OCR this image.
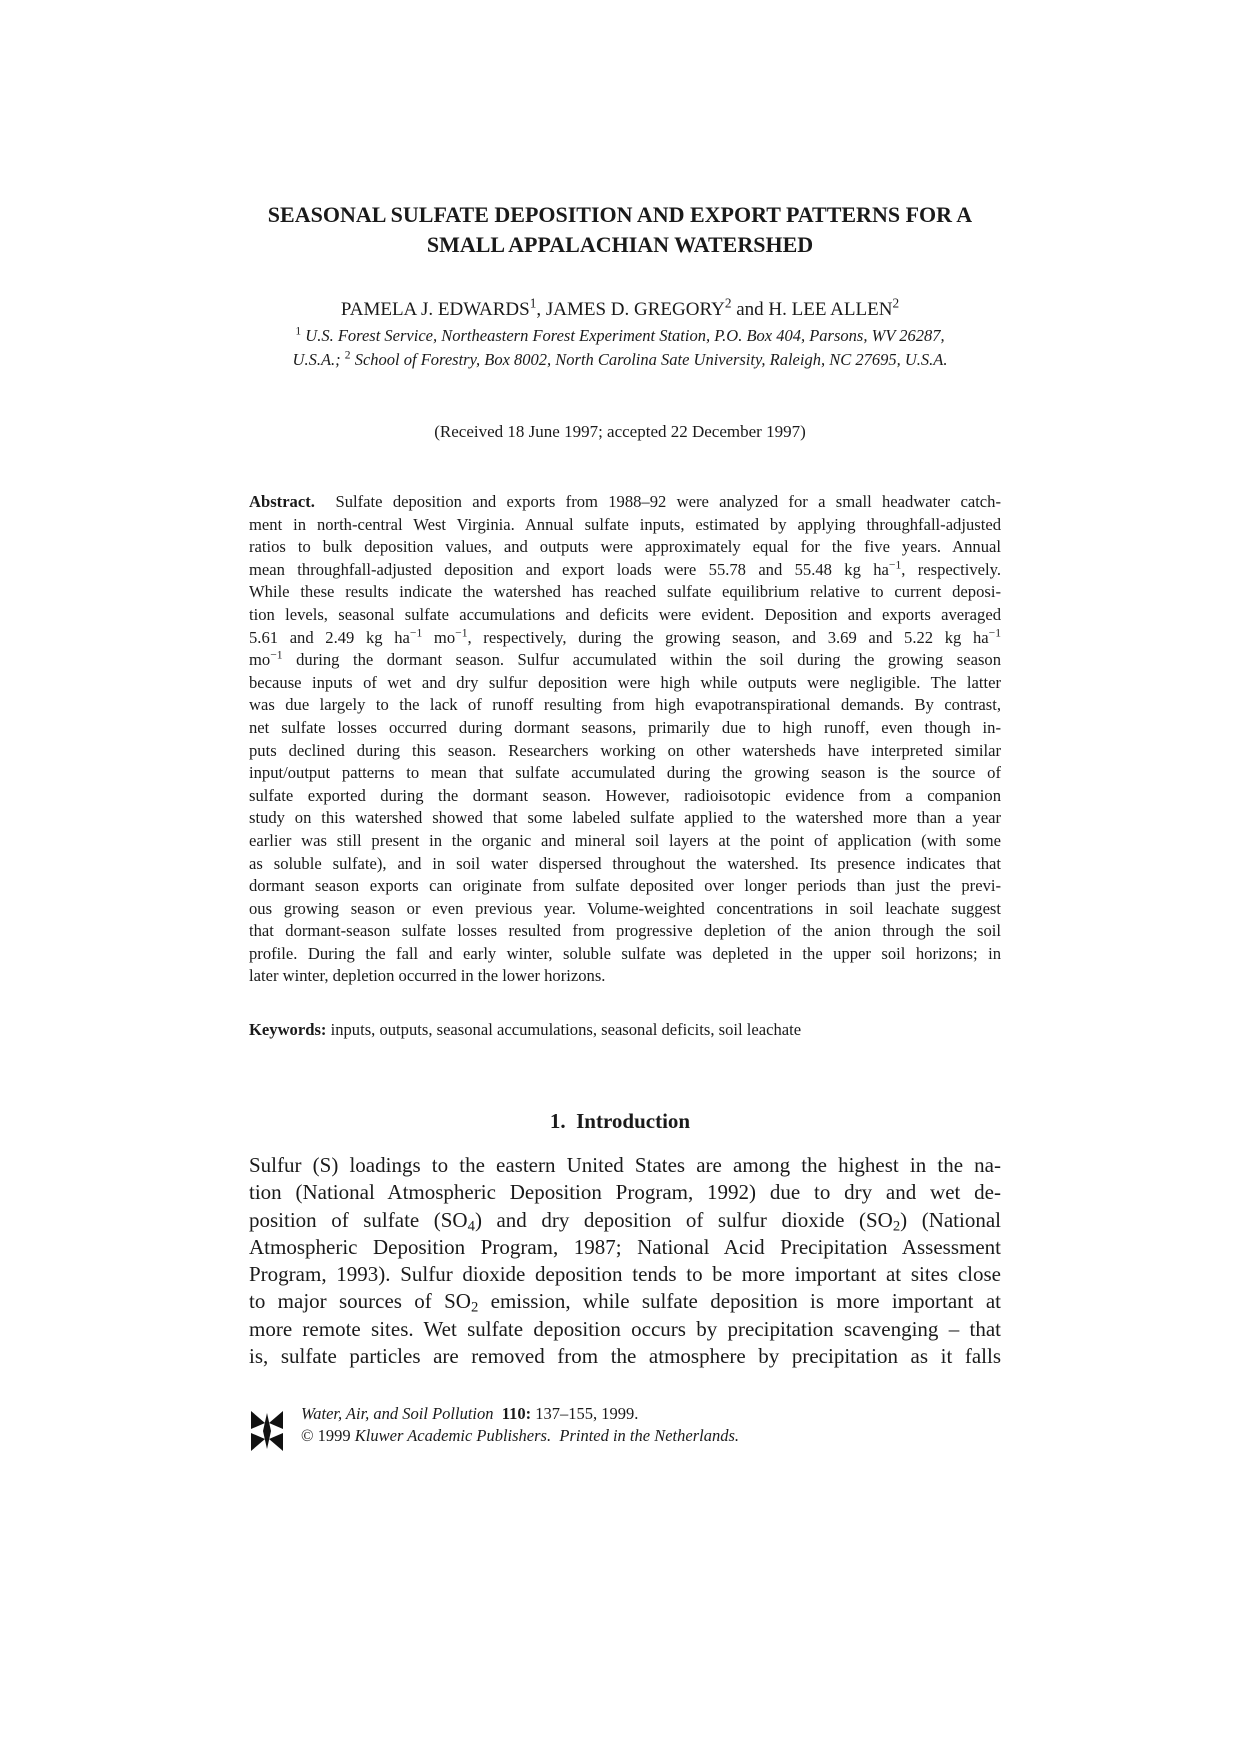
SEASONAL SULFATE DEPOSITION AND EXPORT PATTERNS FOR A
SMALL APPALACHIAN WATERSHED
PAMELA J. EDWARDS$^1$, JAMES D. GREGORY$^2$ and H. LEE ALLEN$^2$
$^1$ U.S. Forest Service, Northeastern Forest Experiment Station, P.O. Box 404, Parsons, WV 26287,
U.S.A.; $^2$ School of Forestry, Box 8002, North Carolina Sate University, Raleigh, NC 27695, U.S.A.
(Received 18 June 1997; accepted 22 December 1997)
Abstract. Sulfate deposition and exports from 1988–92 were analyzed for a small headwater catch-
ment in north-central West Virginia. Annual sulfate inputs, estimated by applying throughfall-adjusted
ratios to bulk deposition values, and outputs were approximately equal for the five years. Annual
mean throughfall-adjusted deposition and export loads were 55.78 and 55.48 kg $ha^{-1}$, respectively.
While these results indicate the watershed has reached sulfate equilibrium relative to current deposi-
tion levels, seasonal sulfate accumulations and deficits were evident. Deposition and exports averaged
5.61 and 2.49 kg $ha^{-1}$ $mo^{-1}$, respectively, during the growing season, and 3.69 and 5.22 kg $ha^{-1}$
$mo^{-1}$ during the dormant season. Sulfur accumulated within the soil during the growing season
because inputs of wet and dry sulfur deposition were high while outputs were negligible. The latter
was due largely to the lack of runoff resulting from high evapotranspirational demands. By contrast,
net sulfate losses occurred during dormant seasons, primarily due to high runoff, even though in-
puts declined during this season. Researchers working on other watersheds have interpreted similar
input/output patterns to mean that sulfate accumulated during the growing season is the source of
sulfate exported during the dormant season. However, radioisotopic evidence from a companion
study on this watershed showed that some labeled sulfate applied to the watershed more than a year
earlier was still present in the organic and mineral soil layers at the point of application (with some
as soluble sulfate), and in soil water dispersed throughout the watershed. Its presence indicates that
dormant season exports can originate from sulfate deposited over longer periods than just the previ-
ous growing season or even previous year. Volume-weighted concentrations in soil leachate suggest
that dormant-season sulfate losses resulted from progressive depletion of the anion through the soil
profile. During the fall and early winter, soluble sulfate was depleted in the upper soil horizons; in
later winter, depletion occurred in the lower horizons.
Keywords: inputs, outputs, seasonal accumulations, seasonal deficits, soil leachate
1. Introduction
Sulfur (S) loadings to the eastern United States are among the highest in the na-
tion (National Atmospheric Deposition Program, 1992) due to dry and wet de-
position of sulfate $(SO_4)$ and dry deposition of sulfur dioxide $(SO_2)$ (National
Atmospheric Deposition Program, 1987; National Acid Precipitation Assessment
Program, 1993). Sulfur dioxide deposition tends to be more important at sites close
to major sources of $SO_2$ emission, while sulfate deposition is more important at
more remote sites. Wet sulfate deposition occurs by precipitation scavenging – that
is, sulfate particles are removed from the atmosphere by precipitation as it falls
Water, Air, and Soil Pollution 110: 137–155, 1999.
© 1999 Kluwer Academic Publishers. Printed in the Netherlands.
